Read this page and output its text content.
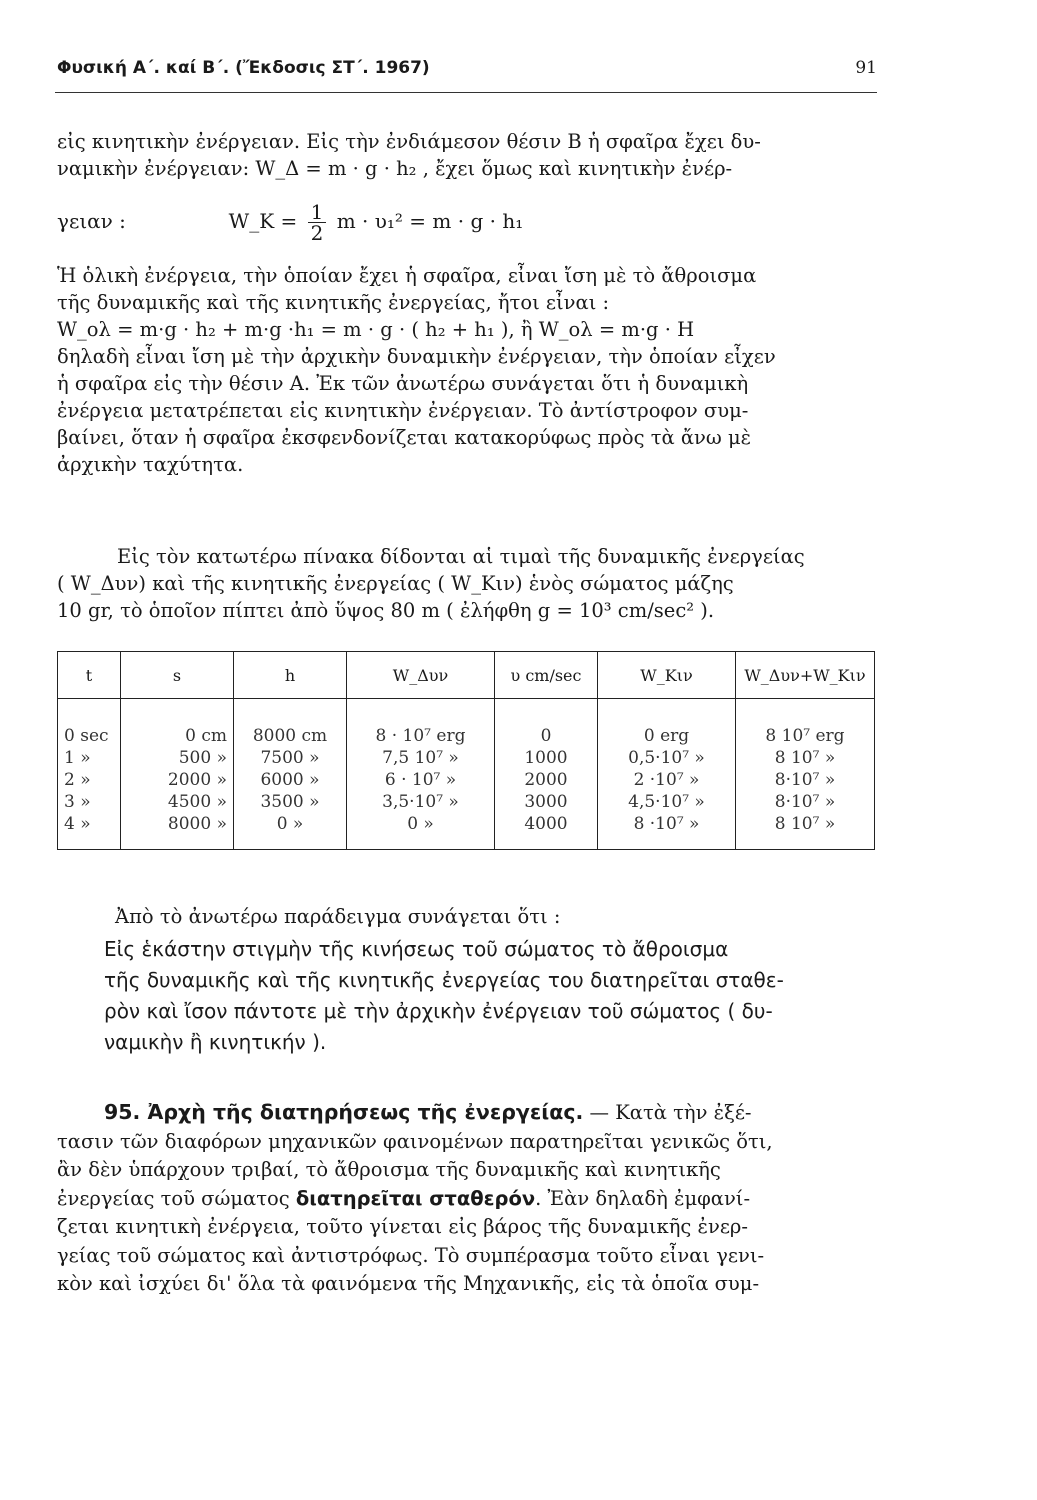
Φυσική Α΄. καί Β΄. (Ἔκδοσις ΣΤ΄. 1967)	91
εἰς κινητικὴν ἐνέργειαν. Εἰς τὴν ἐνδιάμεσον θέσιν Β ἡ σφαῖρα ἔχει δυ-
ναμικὴν ἐνέργειαν: W_Δ = m · g · h₂ , ἔχει ὅμως καὶ κινητικὴν ἐνέρ-
γειαν :	W_K = $\frac{1}{2}$ m · υ₁² = m · g · h₁
Ἡ ὁλικὴ ἐνέργεια, τὴν ὁποίαν ἔχει ἡ σφαῖρα, εἶναι ἴση μὲ τὸ ἄθροισμα
τῆς δυναμικῆς καὶ τῆς κινητικῆς ἐνεργείας, ἤτοι εἶναι :
W_ολ = m·g · h₂ + m·g ·h₁ = m · g · ( h₂ + h₁ ), ἢ W_ολ = m·g · H
δηλαδὴ εἶναι ἴση μὲ τὴν ἀρχικὴν δυναμικὴν ἐνέργειαν, τὴν ὁποίαν εἶχεν
ἡ σφαῖρα εἰς τὴν θέσιν Α. Ἐκ τῶν ἀνωτέρω συνάγεται ὅτι ἡ δυναμικὴ
ἐνέργεια μετατρέπεται εἰς κινητικὴν ἐνέργειαν. Τὸ ἀντίστροφον συμ-
βαίνει, ὅταν ἡ σφαῖρα ἐκσφενδονίζεται κατακορύφως πρὸς τὰ ἄνω μὲ
ἀρχικὴν ταχύτητα.
Εἰς τὸν κατωτέρω πίνακα δίδονται αἱ τιμαὶ τῆς δυναμικῆς ἐνεργείας
( W_Δυν) καὶ τῆς κινητικῆς ἐνεργείας ( W_Κιν) ἑνὸς σώματος μάζης
10 gr, τὸ ὁποῖον πίπτει ἀπὸ ὕψος 80 m ( ἐλήφθη g = 10³ cm/sec² ).
t	s	h	W_Δυν	υ cm/sec	W_Κιν	W_Δυν+W_Κιν
0 sec	0 cm	8000 cm	8 · 10⁷ erg	0	0 erg	8 10⁷ erg
1 »	500 »	7500 »	7,5 10⁷ »	1000	0,5·10⁷ »	8 10⁷ »
2 »	2000 »	6000 »	6 · 10⁷ »	2000	2 ·10⁷ »	8·10⁷ »
3 »	4500 »	3500 »	3,5·10⁷ »	3000	4,5·10⁷ »	8·10⁷ »
4 »	8000 »	0 »	0 »	4000	8 ·10⁷ »	8 10⁷ »
Ἀπὸ τὸ ἀνωτέρω παράδειγμα συνάγεται ὅτι :
Εἰς ἑκάστην στιγμὴν τῆς κινήσεως τοῦ σώματος τὸ ἄθροισμα
τῆς δυναμικῆς καὶ τῆς κινητικῆς ἐνεργείας του διατηρεῖται σταθε-
ρὸν καὶ ἴσον πάντοτε μὲ τὴν ἀρχικὴν ἐνέργειαν τοῦ σώματος ( δυ-
ναμικὴν ἢ κινητικήν ).
95. Ἀρχὴ τῆς διατηρήσεως τῆς ἐνεργείας. — Κατὰ τὴν ἐξέ-
τασιν τῶν διαφόρων μηχανικῶν φαινομένων παρατηρεῖται γενικῶς ὅτι,
ἂν δὲν ὑπάρχουν τριβαί, τὸ ἄθροισμα τῆς δυναμικῆς καὶ κινητικῆς
ἐνεργείας τοῦ σώματος διατηρεῖται σταθερόν. Ἐὰν δηλαδὴ ἐμφανί-
ζεται κινητικὴ ἐνέργεια, τοῦτο γίνεται εἰς βάρος τῆς δυναμικῆς ἐνερ-
γείας τοῦ σώματος καὶ ἀντιστρόφως. Τὸ συμπέρασμα τοῦτο εἶναι γενι-
κὸν καὶ ἰσχύει δι' ὅλα τὰ φαινόμενα τῆς Μηχανικῆς, εἰς τὰ ὁποῖα συμ-
